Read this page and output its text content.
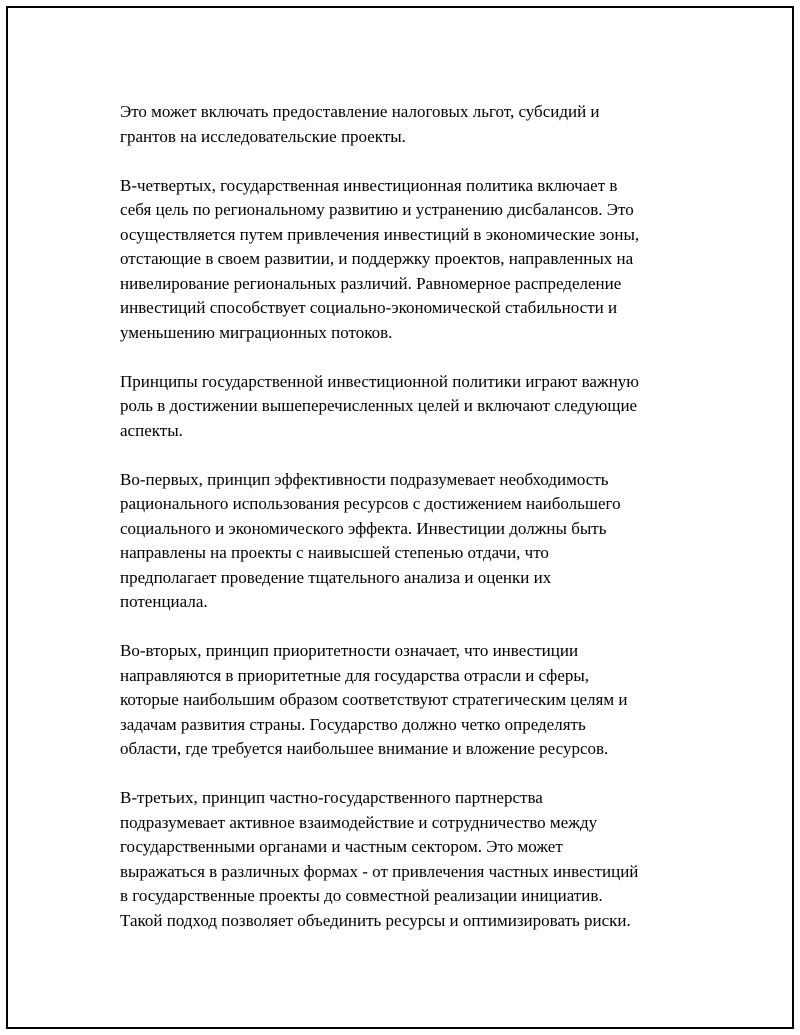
Это может включать предоставление налоговых льгот, субсидий и
грантов на исследовательские проекты.

В-четвертых, государственная инвестиционная политика включает в
себя цель по региональному развитию и устранению дисбалансов. Это
осуществляется путем привлечения инвестиций в экономические зоны,
отстающие в своем развитии, и поддержку проектов, направленных на
нивелирование региональных различий. Равномерное распределение
инвестиций способствует социально-экономической стабильности и
уменьшению миграционных потоков.

Принципы государственной инвестиционной политики играют важную
роль в достижении вышеперечисленных целей и включают следующие
аспекты.

Во-первых, принцип эффективности подразумевает необходимость
рационального использования ресурсов с достижением наибольшего
социального и экономического эффекта. Инвестиции должны быть
направлены на проекты с наивысшей степенью отдачи, что
предполагает проведение тщательного анализа и оценки их
потенциала.

Во-вторых, принцип приоритетности означает, что инвестиции
направляются в приоритетные для государства отрасли и сферы,
которые наибольшим образом соответствуют стратегическим целям и
задачам развития страны. Государство должно четко определять
области, где требуется наибольшее внимание и вложение ресурсов.

В-третьих, принцип частно-государственного партнерства
подразумевает активное взаимодействие и сотрудничество между
государственными органами и частным сектором. Это может
выражаться в различных формах - от привлечения частных инвестиций
в государственные проекты до совместной реализации инициатив.
Такой подход позволяет объединить ресурсы и оптимизировать риски.
